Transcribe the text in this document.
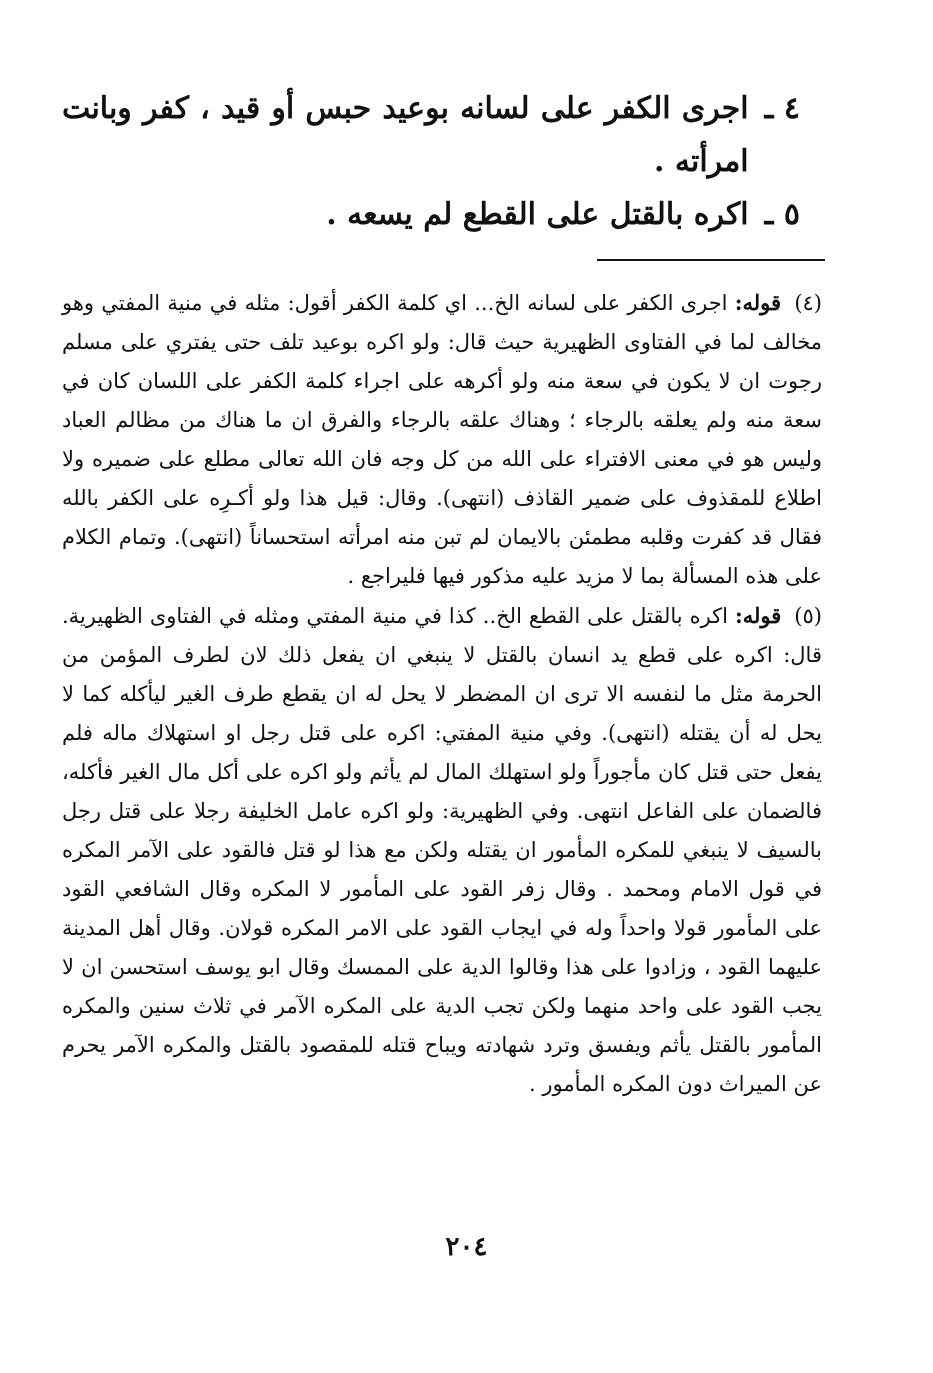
٤ ـ
اجرى الكفر على لسانه بوعيد حبس أو قيد ، كفر وبانت امرأته .

٥ ـ
اكره بالقتل على القطع لم يسعه .

(٤) قوله: اجرى الكفر على لسانه الخ... اي كلمة الكفر أقول: مثله في منية المفتي وهو مخالف لما في الفتاوى الظهيرية حيث قال: ولو اكره بوعيد تلف حتى يفتري على مسلم رجوت ان لا يكون في سعة منه ولو أكرهه على اجراء كلمة الكفر على اللسان كان في سعة منه ولم يعلقه بالرجاء ؛ وهناك علقه بالرجاء والفرق ان ما هناك من مظالم العباد وليس هو في معنى الافتراء على الله من كل وجه فان الله تعالى مطلع على ضميره ولا اطلاع للمقذوف على ضمير القاذف (انتهى). وقال: قيل هذا ولو أكـرِه على الكفر بالله فقال قد كفرت وقلبه مطمئن بالايمان لم تبن منه امرأته استحساناً (انتهى). وتمام الكلام على هذه المسألة بما لا مزيد عليه مذكور فيها فليراجع .

(٥) قوله: اكره بالقتل على القطع الخ.. كذا في منية المفتي ومثله في الفتاوى الظهيرية. قال: اكره على قطع يد انسان بالقتل لا ينبغي ان يفعل ذلك لان لطرف المؤمن من الحرمة مثل ما لنفسه الا ترى ان المضطر لا يحل له ان يقطع طرف الغير ليأكله كما لا يحل له أن يقتله (انتهى). وفي منية المفتي: اكره على قتل رجل او استهلاك ماله فلم يفعل حتى قتل كان مأجوراً ولو استهلك المال لم يأثم ولو اكره على أكل مال الغير فأكله، فالضمان على الفاعل انتهى. وفي الظهيرية: ولو اكره عامل الخليفة رجلا على قتل رجل بالسيف لا ينبغي للمكره المأمور ان يقتله ولكن مع هذا لو قتل فالقود على الآمر المكره في قول الامام ومحمد . وقال زفر القود على المأمور لا المكره وقال الشافعي القود على المأمور قولا واحداً وله في ايجاب القود على الامر المكره قولان. وقال أهل المدينة عليهما القود ، وزادوا على هذا وقالوا الدية على الممسك وقال ابو يوسف استحسن ان لا يجب القود على واحد منهما ولكن تجب الدية على المكره الآمر في ثلاث سنين والمكره المأمور بالقتل يأثم ويفسق وترد شهادته ويباح قتله للمقصود بالقتل والمكره الآمر يحرم عن الميراث دون المكره المأمور .

٢٠٤
